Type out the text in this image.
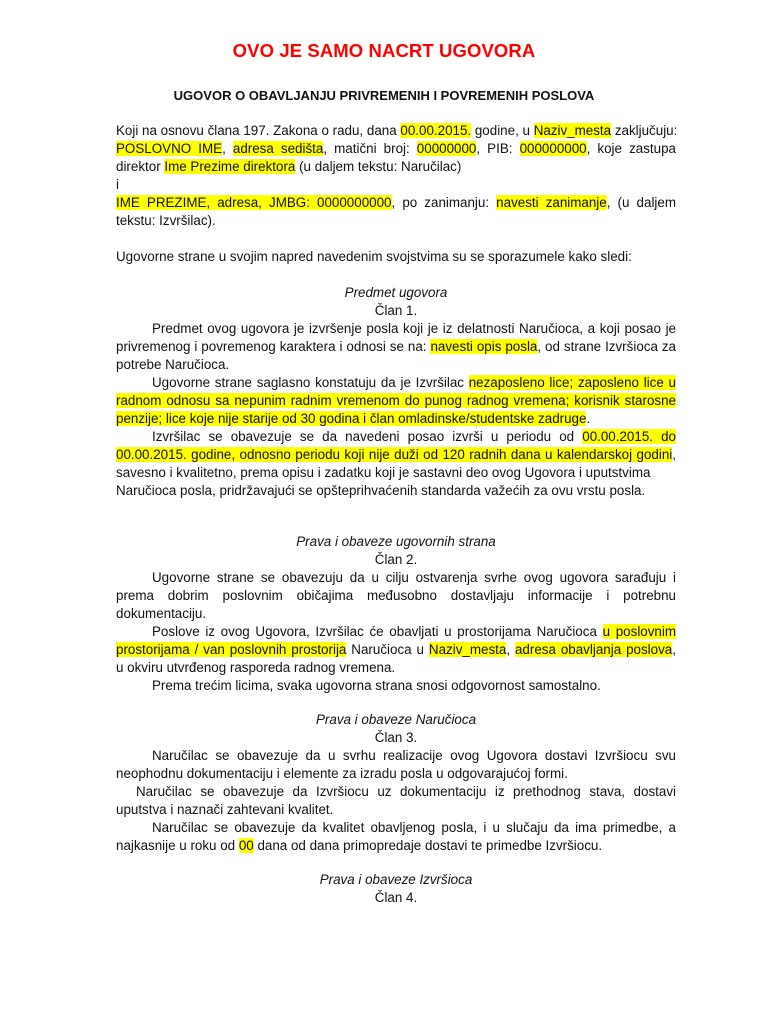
OVO JE SAMO NACRT UGOVORA
UGOVOR O OBAVLJANJU PRIVREMENIH I POVREMENIH POSLOVA
Koji na osnovu člana 197. Zakona o radu, dana 00.00.2015. godine, u Naziv_mesta zaključuju:
POSLOVNO IME, adresa sedišta, matični broj: 00000000, PIB: 000000000, koje zastupa
direktor Ime Prezime direktora (u daljem tekstu: Naručilac)
i
IME PREZIME, adresa, JMBG: 0000000000, po zanimanju: navesti zanimanje, (u daljem
tekstu: Izvršilac).
Ugovorne strane u svojim napred navedenim svojstvima su se sporazumele kako sledi:
Predmet ugovora
Član 1.
Predmet ovog ugovora je izvršenje posla koji je iz delatnosti Naručioca, a koji posao je
privremenog i povremenog karaktera i odnosi se na: navesti opis posla, od strane Izvršioca za
potrebe Naručioca.
Ugovorne strane saglasno konstatuju da je Izvršilac nezaposleno lice; zaposleno lice u
radnom odnosu sa nepunim radnim vremenom do punog radnog vremena; korisnik starosne
penzije; lice koje nije starije od 30 godina i član omladinske/studentske zadruge.
Izvršilac se obavezuje se da navedeni posao izvrši u periodu od 00.00.2015. do
00.00.2015. godine, odnosno periodu koji nije duži od 120 radnih dana u kalendarskoj godini,
savesno i kvalitetno, prema opisu i zadatku koji je sastavni deo ovog Ugovora i uputstvima
Naručioca posla, pridržavajući se opšteprihvaćenih standarda važećih za ovu vrstu posla.
Prava i obaveze ugovornih strana
Član 2.
Ugovorne strane se obavezuju da u cilju ostvarenja svrhe ovog ugovora sarađuju i
prema dobrim poslovnim običajima međusobno dostavljaju informacije i potrebnu
dokumentaciju.
Poslove iz ovog Ugovora, Izvršilac će obavljati u prostorijama Naručioca u poslovnim
prostorijama / van poslovnih prostorija Naručioca u Naziv_mesta, adresa obavljanja poslova,
u okviru utvrđenog rasporeda radnog vremena.
Prema trećim licima, svaka ugovorna strana snosi odgovornost samostalno.
Prava i obaveze Naručioca
Član 3.
Naručilac se obavezuje da u svrhu realizacije ovog Ugovora dostavi Izvršiocu svu
neophodnu dokumentaciju i elemente za izradu posla u odgovarajućoj formi.
Naručilac se obavezuje da Izvršiocu uz dokumentaciju iz prethodnog stava, dostavi
uputstva i naznači zahtevani kvalitet.
Naručilac se obavezuje da kvalitet obavljenog posla, i u slučaju da ima primedbe, a
najkasnije u roku od 00 dana od dana primopredaje dostavi te primedbe Izvršiocu.
Prava i obaveze Izvršioca
Član 4.
